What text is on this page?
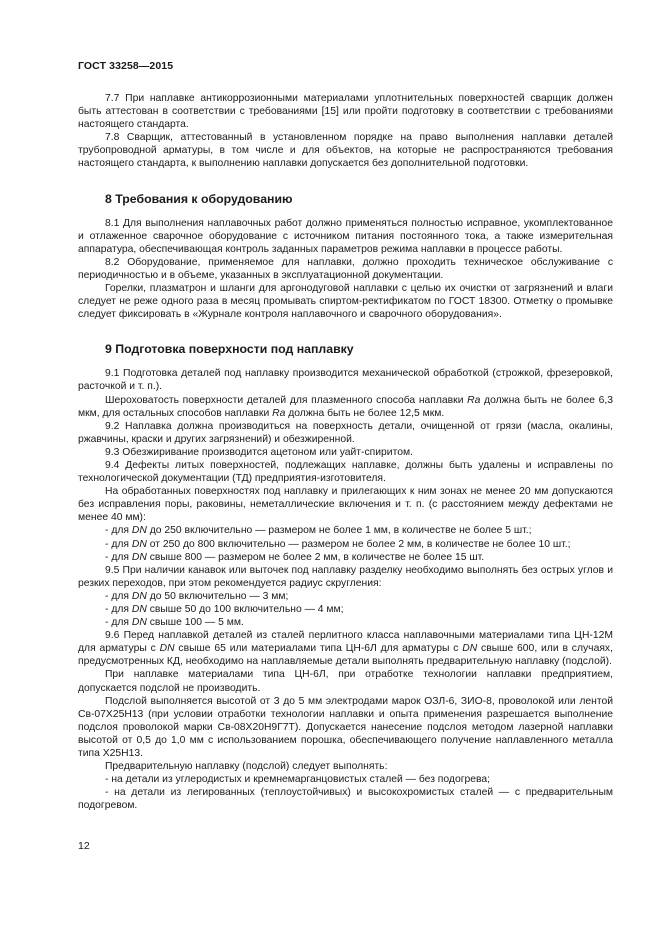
ГОСТ 33258—2015

7.7 При наплавке антикоррозионными материалами уплотнительных поверхностей сварщик должен быть аттестован в соответствии с требованиями [15] или пройти подготовку в соответствии с требованиями настоящего стандарта.

7.8 Сварщик, аттестованный в установленном порядке на право выполнения наплавки деталей трубопроводной арматуры, в том числе и для объектов, на которые не распространяются требования настоящего стандарта, к выполнению наплавки допускается без дополнительной подготовки.

8 Требования к оборудованию

8.1 Для выполнения наплавочных работ должно применяться полностью исправное, укомплектованное и отлаженное сварочное оборудование с источником питания постоянного тока, а также измерительная аппаратура, обеспечивающая контроль заданных параметров режима наплавки в процессе работы.

8.2 Оборудование, применяемое для наплавки, должно проходить техническое обслуживание с периодичностью и в объеме, указанных в эксплуатационной документации.

Горелки, плазматрон и шланги для аргонодуговой наплавки с целью их очистки от загрязнений и влаги следует не реже одного раза в месяц промывать спиртом-ректификатом по ГОСТ 18300. Отметку о промывке следует фиксировать в «Журнале контроля наплавочного и сварочного оборудования».

9 Подготовка поверхности под наплавку

9.1 Подготовка деталей под наплавку производится механической обработкой (строжкой, фрезеровкой, расточкой и т. п.).

Шероховатость поверхности деталей для плазменного способа наплавки Ra должна быть не более 6,3 мкм, для остальных способов наплавки Ra должна быть не более 12,5 мкм.

9.2 Наплавка должна производиться на поверхность детали, очищенной от грязи (масла, окалины, ржавчины, краски и других загрязнений) и обезжиренной.

9.3 Обезжиривание производится ацетоном или уайт-спиритом.

9.4 Дефекты литых поверхностей, подлежащих наплавке, должны быть удалены и исправлены по технологической документации (ТД) предприятия-изготовителя.

На обработанных поверхностях под наплавку и прилегающих к ним зонах не менее 20 мм допускаются без исправления поры, раковины, неметаллические включения и т. п. (с расстоянием между дефектами не менее 40 мм):

- для DN до 250 включительно — размером не более 1 мм, в количестве не более 5 шт.;

- для DN от 250 до 800 включительно — размером не более 2 мм, в количестве не более 10 шт.;

- для DN свыше 800 — размером не более 2 мм, в количестве не более 15 шт.

9.5 При наличии канавок или выточек под наплавку разделку необходимо выполнять без острых углов и резких переходов, при этом рекомендуется радиус скругления:

- для DN до 50 включительно — 3 мм;

- для DN свыше 50 до 100 включительно — 4 мм;

- для DN свыше 100 — 5 мм.

9.6 Перед наплавкой деталей из сталей перлитного класса наплавочными материалами типа ЦН-12М для арматуры с DN свыше 65 или материалами типа ЦН-6Л для арматуры с DN свыше 600, или в случаях, предусмотренных КД, необходимо на наплавляемые детали выполнять предварительную наплавку (подслой).

При наплавке материалами типа ЦН-6Л, при отработке технологии наплавки предприятием, допускается подслой не производить.

Подслой выполняется высотой от 3 до 5 мм электродами марок ОЗЛ-6, ЗИО-8, проволокой или лентой Св-07Х25Н13 (при условии отработки технологии наплавки и опыта применения разрешается выполнение подслоя проволокой марки Св-08Х20Н9Г7Т). Допускается нанесение подслоя методом лазерной наплавки высотой от 0,5 до 1,0 мм с использованием порошка, обеспечивающего получение наплавленного металла типа Х25Н13.

Предварительную наплавку (подслой) следует выполнять:

- на детали из углеродистых и кремнемарганцовистых сталей — без подогрева;

- на детали из легированных (теплоустойчивых) и высокохромистых сталей — с предварительным подогревом.

12
